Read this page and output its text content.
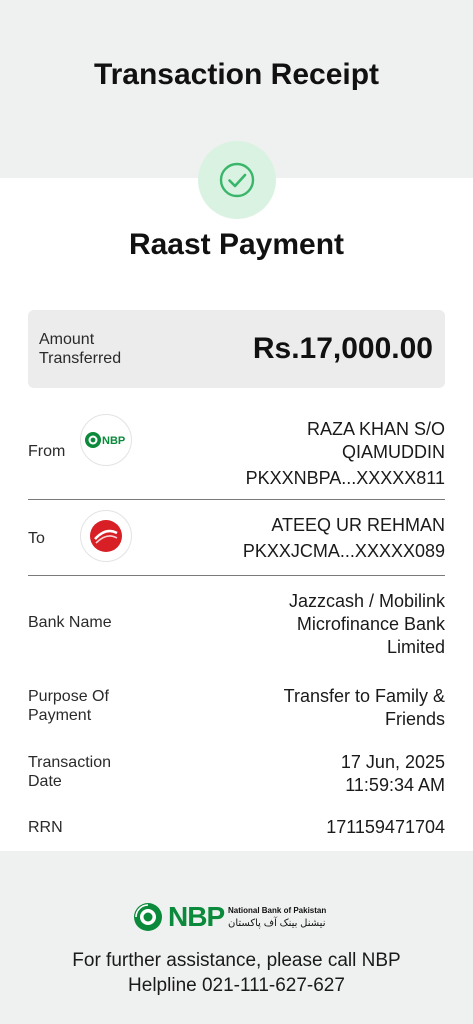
Transaction Receipt
Raast Payment
Amount Transferred	Rs.17,000.00
From
NBP
RAZA KHAN S/O
QIAMUDDIN
PKXXNBPA...XXXXX811
To
ATEEQ UR REHMAN
PKXXJCMA...XXXXX089
Bank Name
Jazzcash / Mobilink
Microfinance Bank
Limited
Purpose Of
Payment
Transfer to Family &
Friends
Transaction
Date
17 Jun, 2025
11:59:34 AM
RRN	171159471704
NBP National Bank of Pakistan
نیشنل بینک آف پاکستان
For further assistance, please call NBP
Helpline 021-111-627-627
